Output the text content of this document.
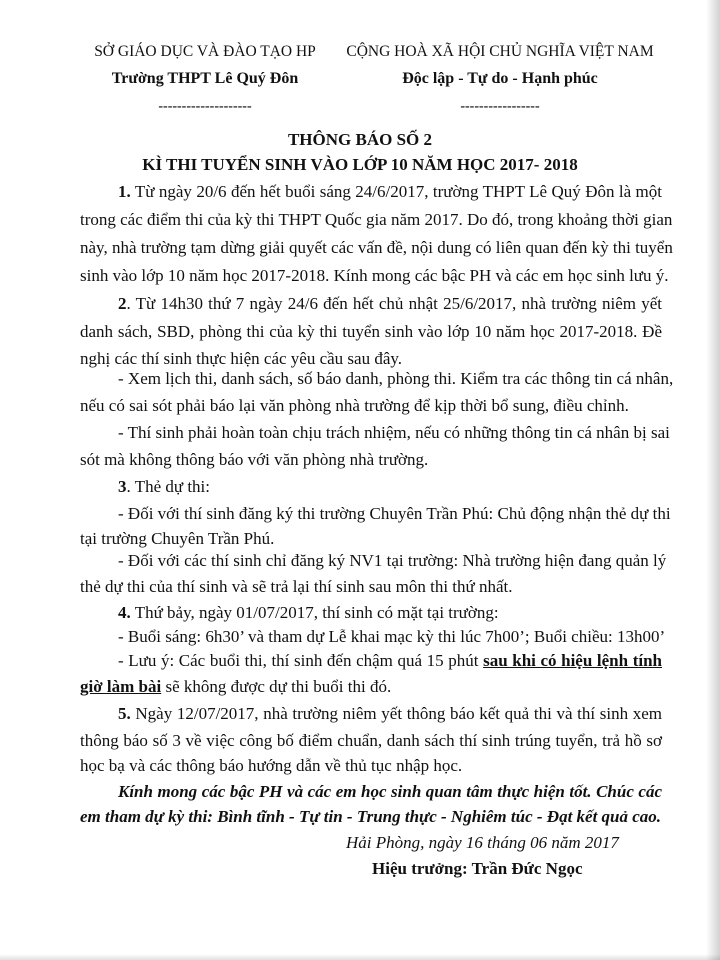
SỞ GIÁO DỤC VÀ ĐÀO TẠO HP
Trường THPT Lê Quý Đôn
--------------------
CỘNG HOÀ XÃ HỘI CHỦ NGHĨA VIỆT NAM
Độc lập - Tự do - Hạnh phúc
-----------------
THÔNG BÁO SỐ 2
KÌ THI TUYỂN SINH VÀO LỚP 10 NĂM HỌC 2017- 2018
1. Từ ngày 20/6 đến hết buổi sáng 24/6/2017, trường THPT Lê Quý Đôn là một
trong các điểm thi của kỳ thi THPT Quốc gia năm 2017. Do đó, trong khoảng thời gian
này, nhà trường tạm dừng giải quyết các vấn đề, nội dung có liên quan đến kỳ thi tuyển
sinh vào lớp 10 năm học 2017-2018. Kính mong các bậc PH và các em học sinh lưu ý.
2. Từ 14h30 thứ 7 ngày 24/6 đến hết chủ nhật 25/6/2017, nhà trường niêm yết
danh sách, SBD, phòng thi của kỳ thi tuyển sinh vào lớp 10 năm học 2017-2018. Đề
nghị các thí sinh thực hiện các yêu cầu sau đây.
- Xem lịch thi, danh sách, số báo danh, phòng thi. Kiểm tra các thông tin cá nhân,
nếu có sai sót phải báo lại văn phòng nhà trường để kịp thời bổ sung, điều chỉnh.
- Thí sinh phải hoàn toàn chịu trách nhiệm, nếu có những thông tin cá nhân bị sai
sót mà không thông báo với văn phòng nhà trường.
3. Thẻ dự thi:
- Đối với thí sinh đăng ký thi trường Chuyên Trần Phú: Chủ động nhận thẻ dự thi
tại trường Chuyên Trần Phú.
- Đối với các thí sinh chỉ đăng ký NV1 tại trường: Nhà trường hiện đang quản lý
thẻ dự thi của thí sinh và sẽ trả lại thí sinh sau môn thi thứ nhất.
4. Thứ bảy, ngày 01/07/2017, thí sinh có mặt tại trường:
- Buổi sáng: 6h30’ và tham dự Lễ khai mạc kỳ thi lúc 7h00’; Buổi chiều: 13h00’
- Lưu ý: Các buổi thi, thí sinh đến chậm quá 15 phút sau khi có hiệu lệnh tính
giờ làm bài sẽ không được dự thi buổi thi đó.
5. Ngày 12/07/2017, nhà trường niêm yết thông báo kết quả thi và thí sinh xem
thông báo số 3 về việc công bố điểm chuẩn, danh sách thí sinh trúng tuyển, trả hồ sơ
học bạ và các thông báo hướng dẫn về thủ tục nhập học.
Kính mong các bậc PH và các em học sinh quan tâm thực hiện tốt. Chúc các
em tham dự kỳ thi: Bình tĩnh - Tự tin - Trung thực - Nghiêm túc - Đạt kết quả cao.
Hải Phòng, ngày 16 tháng 06 năm 2017
Hiệu trưởng: Trần Đức Ngọc
